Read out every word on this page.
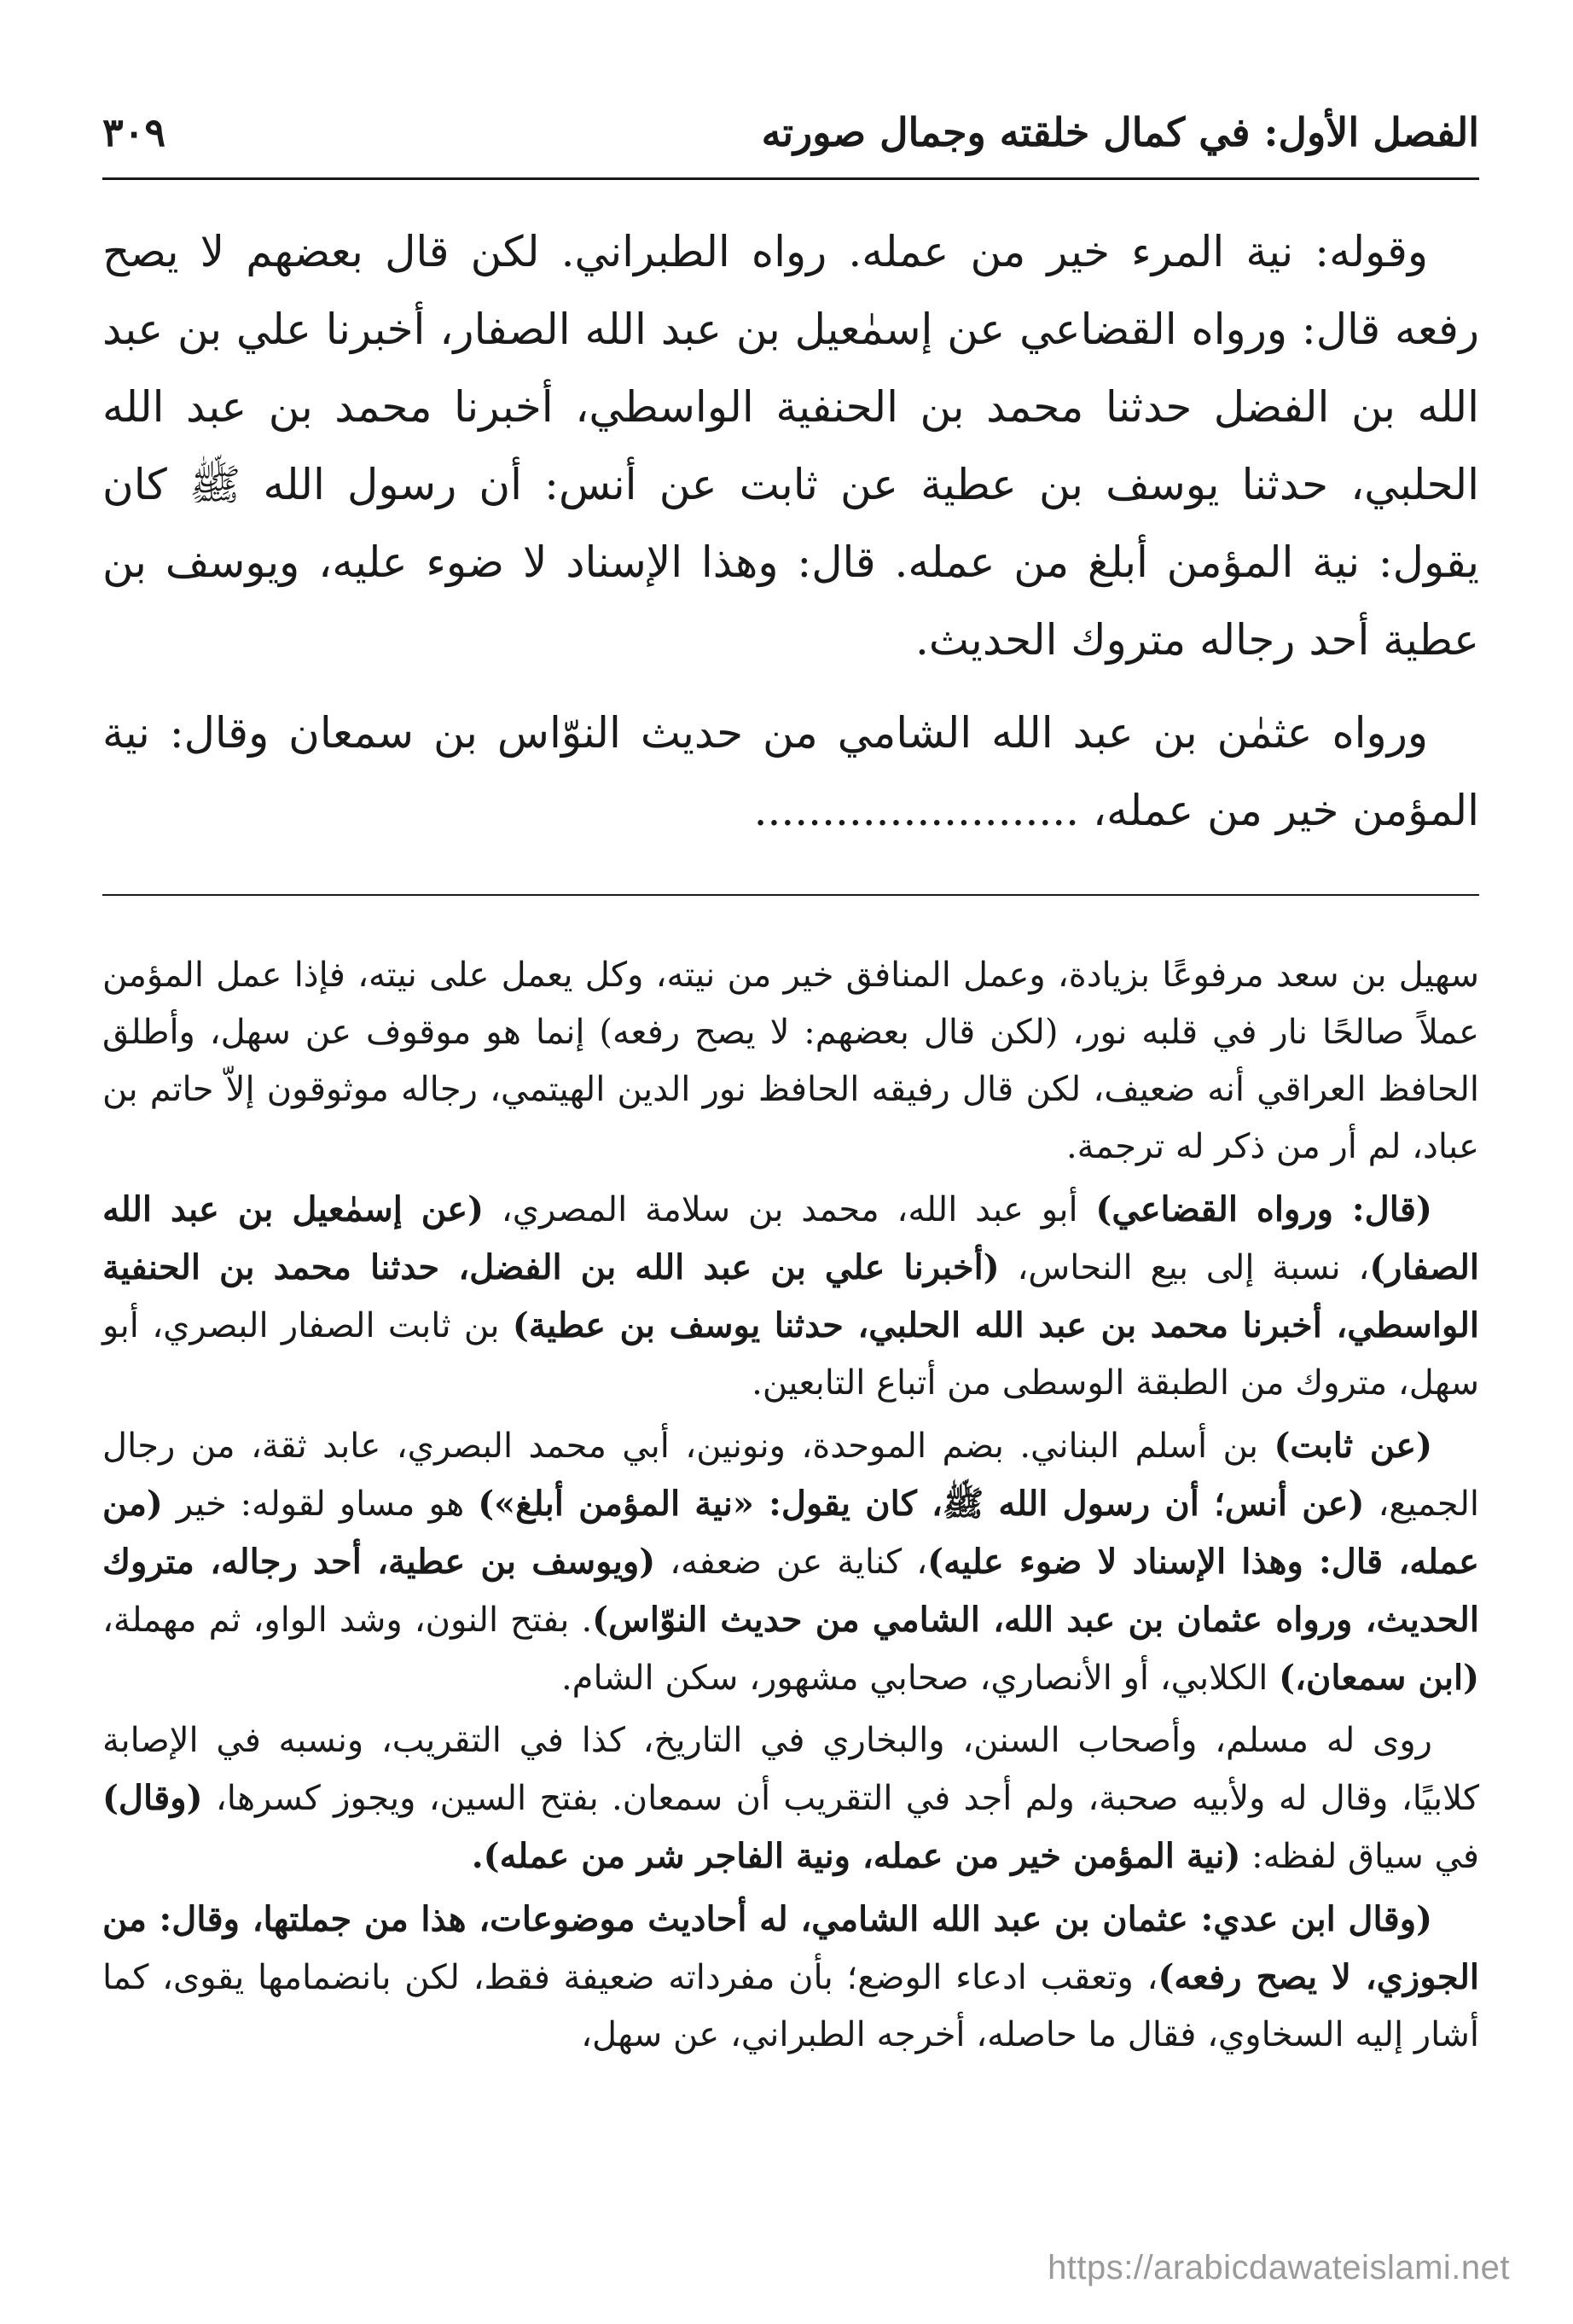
الفصل الأول: في كمال خلقته وجمال صورته
٣٠٩

وقوله: نية المرء خير من عمله. رواه الطبراني. لكن قال بعضهم لا يصح رفعه قال: ورواه القضاعي عن إسمٰعيل بن عبد الله الصفار، أخبرنا علي بن عبد الله بن الفضل حدثنا محمد بن الحنفية الواسطي، أخبرنا محمد بن عبد الله الحلبي، حدثنا يوسف بن عطية عن ثابت عن أنس: أن رسول الله ﷺ كان يقول: نية المؤمن أبلغ من عمله. قال: وهذا الإسناد لا ضوء عليه، ويوسف بن عطية أحد رجاله متروك الحديث.

ورواه عثمٰن بن عبد الله الشامي من حديث النوّاس بن سمعان وقال: نية المؤمن خير من عمله، ........................

سهيل بن سعد مرفوعًا بزيادة، وعمل المنافق خير من نيته، وكل يعمل على نيته، فإذا عمل المؤمن عملاً صالحًا نار في قلبه نور، (لكن قال بعضهم: لا يصح رفعه) إنما هو موقوف عن سهل، وأطلق الحافظ العراقي أنه ضعيف، لكن قال رفيقه الحافظ نور الدين الهيتمي، رجاله موثوقون إلاّ حاتم بن عباد، لم أر من ذكر له ترجمة.

(قال: ورواه القضاعي) أبو عبد الله، محمد بن سلامة المصري، (عن إسمٰعيل بن عبد الله الصفار)، نسبة إلى بيع النحاس، (أخبرنا علي بن عبد الله بن الفضل، حدثنا محمد بن الحنفية الواسطي، أخبرنا محمد بن عبد الله الحلبي، حدثنا يوسف بن عطية) بن ثابت الصفار البصري، أبو سهل، متروك من الطبقة الوسطى من أتباع التابعين.

(عن ثابت) بن أسلم البناني. بضم الموحدة، ونونين، أبي محمد البصري، عابد ثقة، من رجال الجميع، (عن أنس؛ أن رسول الله ﷺ، كان يقول: «نية المؤمن أبلغ») هو مساو لقوله: خير (من عمله، قال: وهذا الإسناد لا ضوء عليه)، كناية عن ضعفه، (ويوسف بن عطية، أحد رجاله، متروك الحديث، ورواه عثمان بن عبد الله، الشامي من حديث النوّاس). بفتح النون، وشد الواو، ثم مهملة، (ابن سمعان،) الكلابي، أو الأنصاري، صحابي مشهور، سكن الشام.

روى له مسلم، وأصحاب السنن، والبخاري في التاريخ، كذا في التقريب، ونسبه في الإصابة كلابيًا، وقال له ولأبيه صحبة، ولم أجد في التقريب أن سمعان. بفتح السين، ويجوز كسرها، (وقال) في سياق لفظه: (نية المؤمن خير من عمله، ونية الفاجر شر من عمله).

(وقال ابن عدي: عثمان بن عبد الله الشامي، له أحاديث موضوعات، هذا من جملتها، وقال: من الجوزي، لا يصح رفعه)، وتعقب ادعاء الوضع؛ بأن مفرداته ضعيفة فقط، لكن بانضمامها يقوى، كما أشار إليه السخاوي، فقال ما حاصله، أخرجه الطبراني، عن سهل،

https://arabicdawateislami.net
